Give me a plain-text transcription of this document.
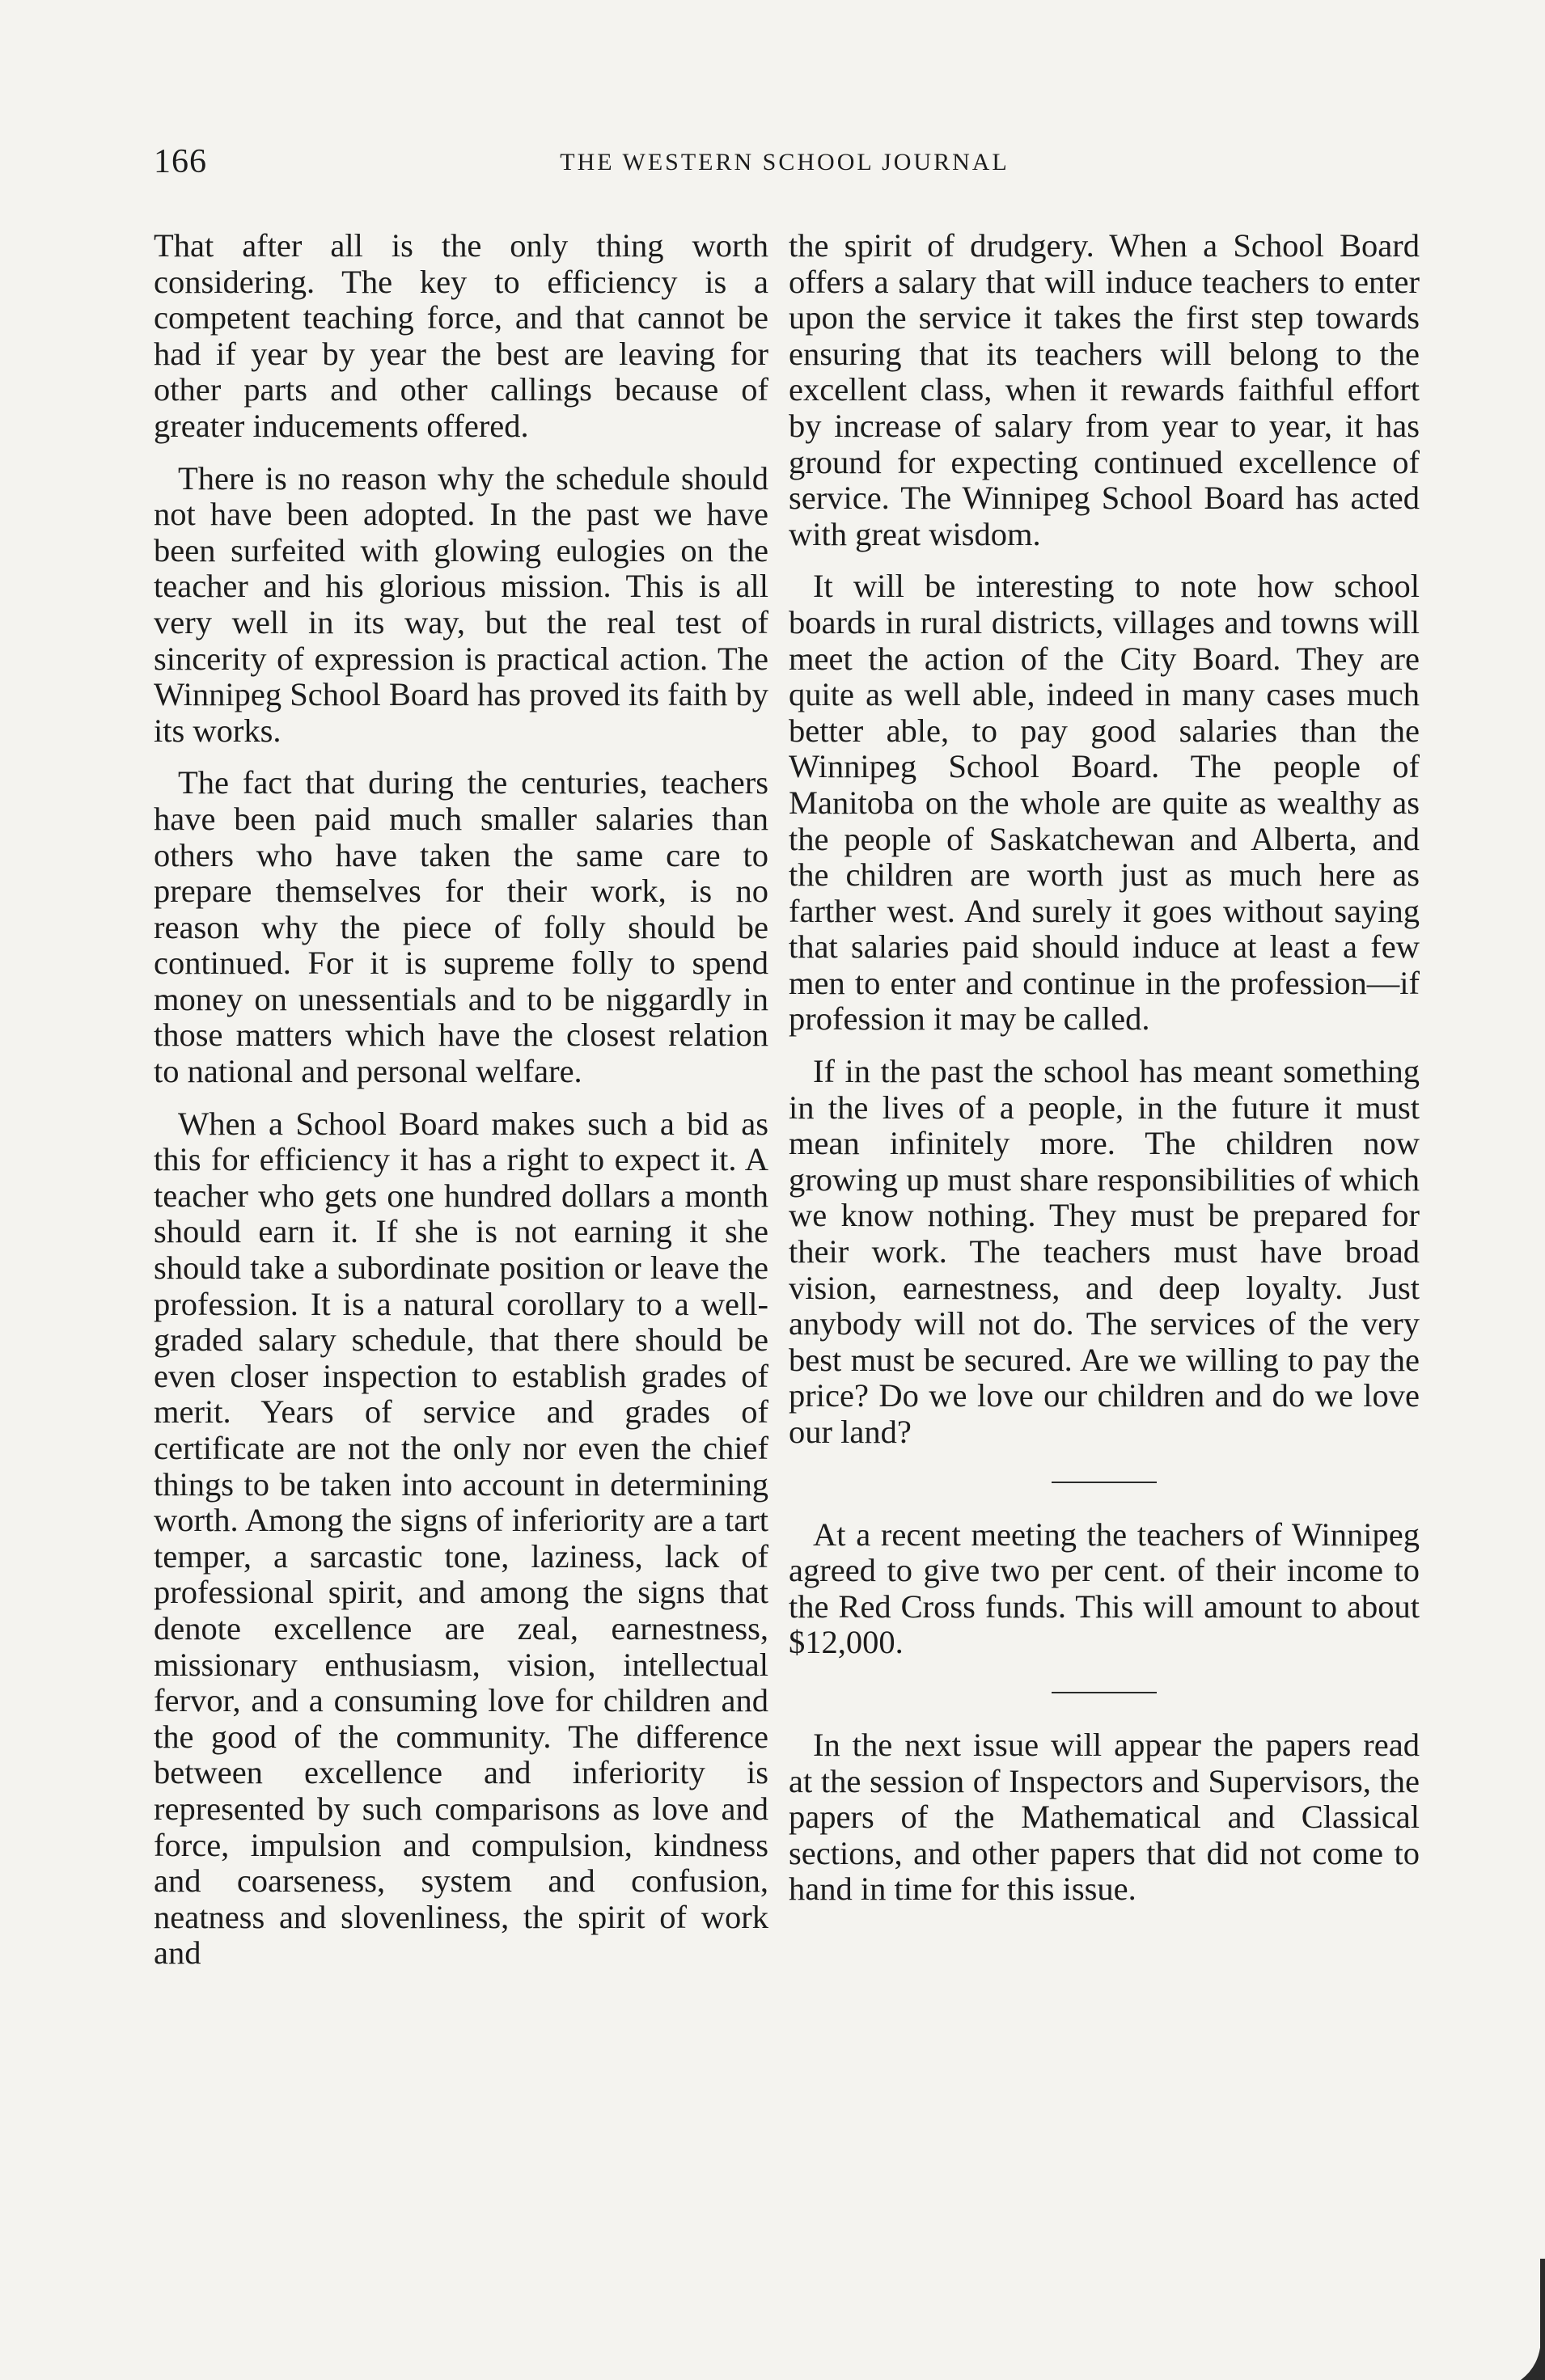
166	THE WESTERN SCHOOL JOURNAL

That after all is the only thing worth considering. The key to efficiency is a competent teaching force, and that cannot be had if year by year the best are leaving for other parts and other callings because of greater inducements offered.

There is no reason why the schedule should not have been adopted. In the past we have been surfeited with glowing eulogies on the teacher and his glorious mission. This is all very well in its way, but the real test of sincerity of expression is practical action. The Winnipeg School Board has proved its faith by its works.

The fact that during the centuries, teachers have been paid much smaller salaries than others who have taken the same care to prepare themselves for their work, is no reason why the piece of folly should be continued. For it is supreme folly to spend money on unessentials and to be niggardly in those matters which have the closest relation to national and personal welfare.

When a School Board makes such a bid as this for efficiency it has a right to expect it. A teacher who gets one hundred dollars a month should earn it. If she is not earning it she should take a subordinate position or leave the profession. It is a natural corollary to a well-graded salary schedule, that there should be even closer inspection to establish grades of merit. Years of service and grades of certificate are not the only nor even the chief things to be taken into account in determining worth. Among the signs of inferiority are a tart temper, a sarcastic tone, laziness, lack of professional spirit, and among the signs that denote excellence are zeal, earnestness, missionary enthusiasm, vision, intellectual fervor, and a consuming love for children and the good of the community. The difference between excellence and inferiority is represented by such comparisons as love and force, impulsion and compulsion, kindness and coarseness, system and confusion, neatness and slovenliness, the spirit of work and

the spirit of drudgery. When a School Board offers a salary that will induce teachers to enter upon the service it takes the first step towards ensuring that its teachers will belong to the excellent class, when it rewards faithful effort by increase of salary from year to year, it has ground for expecting continued excellence of service. The Winnipeg School Board has acted with great wisdom.

It will be interesting to note how school boards in rural districts, villages and towns will meet the action of the City Board. They are quite as well able, indeed in many cases much better able, to pay good salaries than the Winnipeg School Board. The people of Manitoba on the whole are quite as wealthy as the people of Saskatchewan and Alberta, and the children are worth just as much here as farther west. And surely it goes without saying that salaries paid should induce at least a few men to enter and continue in the profession—if profession it may be called.

If in the past the school has meant something in the lives of a people, in the future it must mean infinitely more. The children now growing up must share responsibilities of which we know nothing. They must be prepared for their work. The teachers must have broad vision, earnestness, and deep loyalty. Just anybody will not do. The services of the very best must be secured. Are we willing to pay the price? Do we love our children and do we love our land?

At a recent meeting the teachers of Winnipeg agreed to give two per cent. of their income to the Red Cross funds. This will amount to about $12,000.

In the next issue will appear the papers read at the session of Inspectors and Supervisors, the papers of the Mathematical and Classical sections, and other papers that did not come to hand in time for this issue.
